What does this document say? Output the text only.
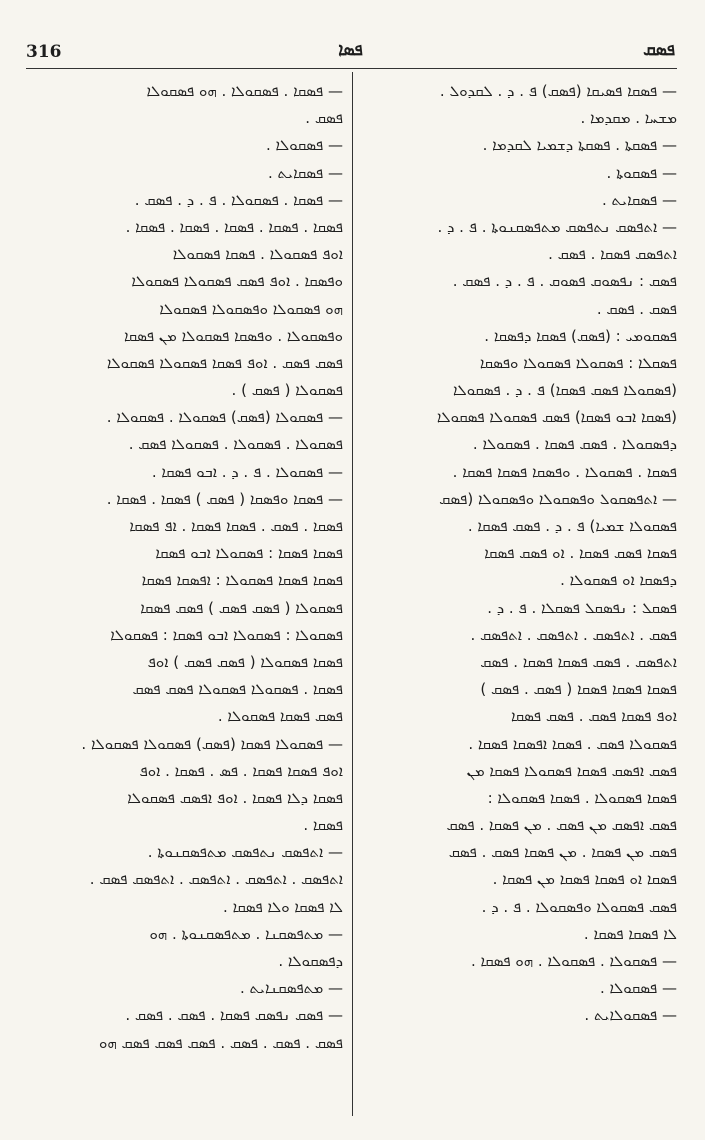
316	ܦܣܐ	ܦܣܩ
— ܦܣܩܐ ܦܣܝܩܐ (ܦܣܩ) ܦ . ܕ . ܠܩܕܘܠ .
ܡܫܚܐ . ܡܩܕܡܐ .
— ܦܣܩܬܐ . ܦܣܩܬܐ ܕܫܡܝܐ ܠܩܕܡܐ .
— ܦܣܩܘܬܐ .
— ܦܣܩܐܝܬ .
— ܐܬܦܣܩ ܢܬܦܣܩ ܡܬܦܣܩܢܘܬܐ . ܦ . ܕ .
ܐܬܦܣܩ ܦܣܩܐ . ܦܣܩ .
ܦܣܩ : ܢܦܣܘܩ ܦܣܘܩ . ܦ . ܕ . ܦܣܩ .
ܦܣܩ . ܦܣܩ .
ܦܣܩܘܡܝ : (ܦܣܩ) ܦܣܩܐ ܕܦܣܩܐ .
ܦܣܩܠܐ : ܦܣܩܘܠܐ ܦܣܩܘܠܐ ܘܦܣܩܐ
(ܦܣܩܘܠܐ ܦܣܩ ܦܣܩܐ) ܦ . ܕ . ܦܣܩܘܠܐ
(ܦܣܩܐ ܐܒܘ ܦܣܩܐ) ܦܣܩ ܦܣܩܘܠܐ ܦܣܩܘܠܐ
ܕܦܣܩܘܠܐ . ܦܣܩ ܦܣܩܐ . ܦܣܩܘܠܐ .
ܦܣܩܐ . ܦܣܩܘܠܐ . ܘܦܣܩܐ ܦܣܩܐ ܦܣܩܐ .
— ܐܬܦܣܩܘܠ ܘܦܣܩܘܠܐ ܘܦܣܩܘܠܐ (ܦܣܩ
ܦܣܩܘܠܐ ܫܡܝܐ) ܦ . ܕ . ܦܣܩ ܦܣܩܐ .
ܦܣܩܐ ܦܣܩ ܦܣܩܐ . ܐܘ ܦܣܩ ܦܣܩܐ
ܕܦܣܩܐ ܐܘ ܦܣܩܘܠܐ .
ܦܣܩܠ : ܢܦܣܩܠ ܦܣܩܠܐ . ܦ . ܕ .
ܦܣܩ . ܐܬܦܣܩ . ܐܬܦܣܩ . ܐܬܦܣܩ .
ܐܬܦܣܩ . ܦܣܩ ܦܣܩܐ ܦܣܩܐ . ܦܣܩ
ܦܣܩܐ ܦܣܩܐ ܦܣܩܐ ( ܦܣܩ . ܦܣܩ )
ܐܘܦ ܦܣܩܐ ܦܣܩ . ܦܣܩ ܦܣܩܐ
ܦܣܩܘܠܐ ܦܣܩ . ܦܣܩܐ ܐܦܣܩܐ ܦܣܩܐ .
ܦܣܩ ܐܦܣܩ ܦܣܩܐ ܦܣܩܘܠܐ ܦܣܩܐ ܡܢ
ܦܣܩܐ ܦܣܩܘܠܐ . ܦܣܩܐ ܦܣܩܘܠܐ :
ܦܣܩ ܐܦܣܩ ܡܢ ܦܣܩ . ܡܢ ܦܣܩܐ . ܦܣܩ
ܦܣܩ ܡܢ ܦܣܩܐ . ܡܢ ܦܣܩܐ ܦܣܩ . ܦܣܩ
ܦܣܩܐ ܐܘ ܦܣܩܐ ܦܣܩܐ ܡܢ ܦܣܩܐ .
ܦܣܩ ܦܣܩܘܠܐ ܘܦܣܩܘܠܐ . ܦ . ܕ .
ܠܐ ܦܣܩܐ ܦܣܩܐ .
— ܦܣܩܘܠܐ . ܦܣܩܘܠܐ . ܗܘ ܦܣܩܐ .
— ܦܣܩܘܠܐ .
— ܦܣܩܘܠܐܝܬ .
— ܦܣܩܐ . ܦܣܩܘܠܐ . ܗܘ ܦܣܩܘܠܐ
ܦܣܩ .
— ܦܣܩܘܠܐ .
— ܦܣܩܐܝܬ .
— ܦܣܩܐ . ܦܣܩܘܠܐ . ܦ . ܕ . ܦܣܩ .
ܦܣܩܐ . ܦܣܩܐ . ܦܣܩܐ . ܦܣܩܐ . ܦܣܩܐ .
ܐܘܦ ܦܣܩܘܠܐ . ܦܣܩܐ ܦܣܩܘܠܐ
ܘܦܣܩܐ . ܐܘܦ ܦܣܩ ܦܣܩܘܠܐ ܦܣܩܘܠܐ
ܗܘ ܦܣܩܘܠܐ ܘܦܣܩܘܠܐ ܦܣܩܘܠܐ
ܘܦܣܩܘܠܐ . ܘܦܣܩܐ ܦܣܩܘܠܐ ܡܢ ܦܣܩܐ
ܦܣܩ ܦܣܩ . ܐܘܦ ܦܣܩܐ ܦܣܩܘܠܐ ܦܣܩܘܠܐ
ܦܣܩܘܠܐ ( ܦܣܩ ) .
— ܦܣܩܘܠܐ (ܦܣܩ) ܦܣܩܘܠܐ . ܦܣܩܘܠܐ .
ܦܣܩܘܠܐ . ܦܣܩܘܠܐ . ܦܣܩܘܠܐ ܦܣܩ .
— ܦܣܩܘܠܐ . ܦ . ܕ . ܐܒܘ ܦܣܩܐ .
— ܦܣܩܐ ܘܦܣܩܐ ( ܦܣܩ ) ܦܣܩܐ . ܦܣܩܐ .
ܦܣܩܐ . ܦܣܩ . ܦܣܩܐ ܦܣܩܐ . ܐܦ ܦܣܩܐ
ܦܣܩܐ ܦܣܩܐ : ܦܣܩܘܠܐ ܐܒܘ ܦܣܩܐ
ܦܣܩܐ ܦܣܩܐ ܦܣܩܘܠܐ : ܐܦܣܩܐ ܦܣܩܐ
ܦܣܩܘܠܐ ( ܦܣܩ ܦܣܩ ) ܦܣܩ ܦܣܩܐ
ܦܣܩܘܠܐ : ܦܣܩܘܠܐ ܐܒܘ ܦܣܩܐ : ܦܣܩܘܠܐ
ܦܣܩܐ ܦܣܩܘܠܐ ( ܦܣܩ ܦܣܩ ) ܐܘܦ
ܦܣܩܐ . ܦܣܩܘܠܐ ܦܣܩܘܠܐ ܦܣܩ ܦܣܩ
ܦܣܩ ܦܣܩܐ ܦܣܩܘܠܐ .
— ܦܣܩܘܠܐ ܦܣܩܐ (ܦܣܩ) ܦܣܩܘܠܐ ܦܣܩܘܠܐ .
ܐܘܦ ܦܣܩܐ ܦܣܩܐ . ܦܣ . ܦܣܩܐ . ܐܘܦ
ܦܣܩܐ ܕܠܐ ܦܣܩܐ . ܐܘܦ ܐܦܣܩ ܦܣܩܘܠܐ
ܦܣܩܐ .
— ܐܬܦܣܩ ܢܬܦܣܩ ܡܬܦܣܩܢܘܬܐ .
ܐܬܦܣܩ . ܐܬܦܣܩ . ܐܬܦܣܩ . ܐܬܦܣܩ ܦܣܩ .
ܠܐ ܦܣܩܐ ܘܠܐ ܦܣܩܐ .
— ܡܬܦܣܩܢܐ . ܡܬܦܣܩܢܘܬܐ . ܗܘ
ܕܦܣܩܘܠܐ .
— ܡܬܦܣܩܢܐܝܬ .
— ܦܣܩ ܢܦܣܩ ܦܣܩܐ . ܦܣܩ . ܦܣܩ .
ܦܣܩ . ܦܣܩ . ܦܣܩ . ܦܣܩ ܦܣܩ ܦܣܩ ܗܘ
